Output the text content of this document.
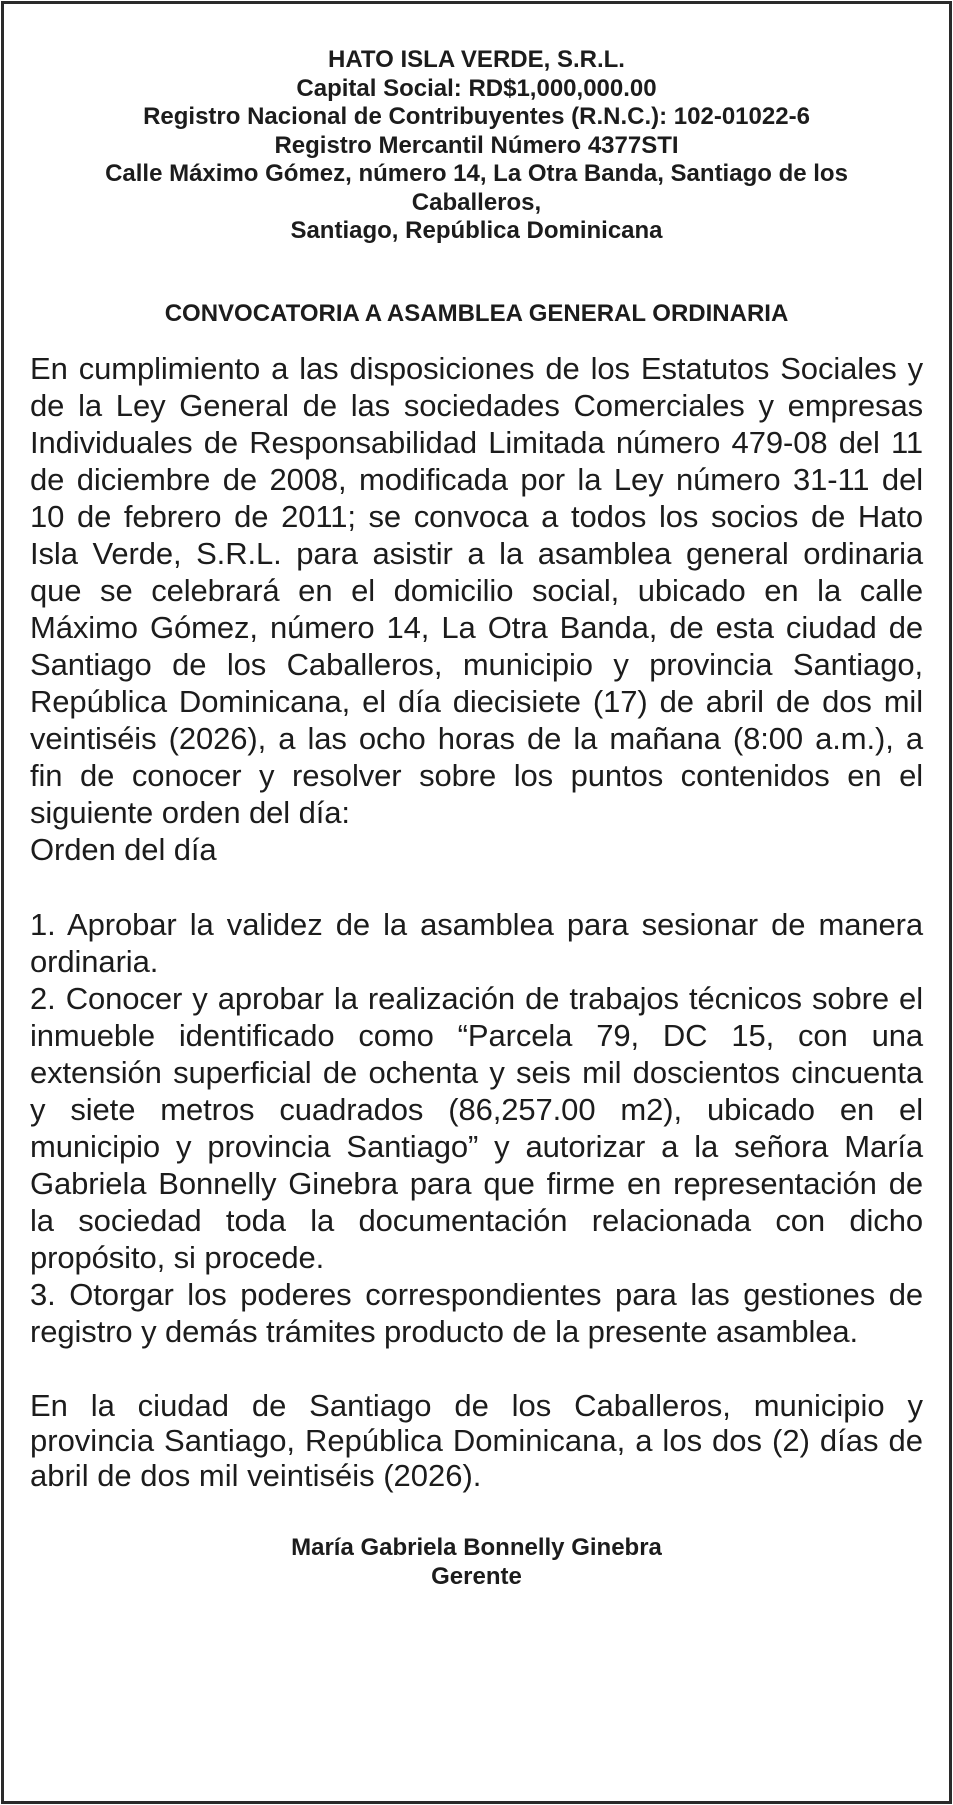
HATO ISLA VERDE, S.R.L.
Capital Social: RD$1,000,000.00
Registro Nacional de Contribuyentes (R.N.C.): 102-01022-6
Registro Mercantil Número 4377STI
Calle Máximo Gómez, número 14, La Otra Banda, Santiago de los Caballeros,
Santiago, República Dominicana
CONVOCATORIA A ASAMBLEA GENERAL ORDINARIA

En cumplimiento a las disposiciones de los Estatutos Sociales y de la Ley General de las sociedades Comerciales y empresas Individuales de Responsabilidad Limitada número 479-08 del 11 de diciembre de 2008, modificada por la Ley número 31-11 del 10 de febrero de 2011; se convoca a todos los socios de Hato Isla Verde, S.R.L. para asistir a la asamblea general ordinaria que se celebrará en el domicilio social, ubicado en la calle Máximo Gómez, número 14, La Otra Banda, de esta ciudad de Santiago de los Caballeros, municipio y provincia Santiago, República Dominicana, el día diecisiete (17) de abril de dos mil veintiséis (2026), a las ocho horas de la mañana (8:00 a.m.), a fin de conocer y resolver sobre los puntos contenidos en el siguiente orden del día:

Orden del día

1. Aprobar la validez de la asamblea para sesionar de manera ordinaria.

2. Conocer y aprobar la realización de trabajos técnicos sobre el inmueble identificado como “Parcela 79, DC 15, con una extensión superficial de ochenta y seis mil doscientos cincuenta y siete metros cuadrados (86,257.00 m2), ubicado en el municipio y provincia Santiago” y autorizar a la señora María Gabriela Bonnelly Ginebra para que firme en representación de la sociedad toda la documentación relacionada con dicho propósito, si procede.

3. Otorgar los poderes correspondientes para las gestiones de registro y demás trámites producto de la presente asamblea.

En la ciudad de Santiago de los Caballeros, municipio y provincia Santiago, República Dominicana, a los dos (2) días de abril de dos mil veintiséis (2026).
María Gabriela Bonnelly Ginebra
Gerente
